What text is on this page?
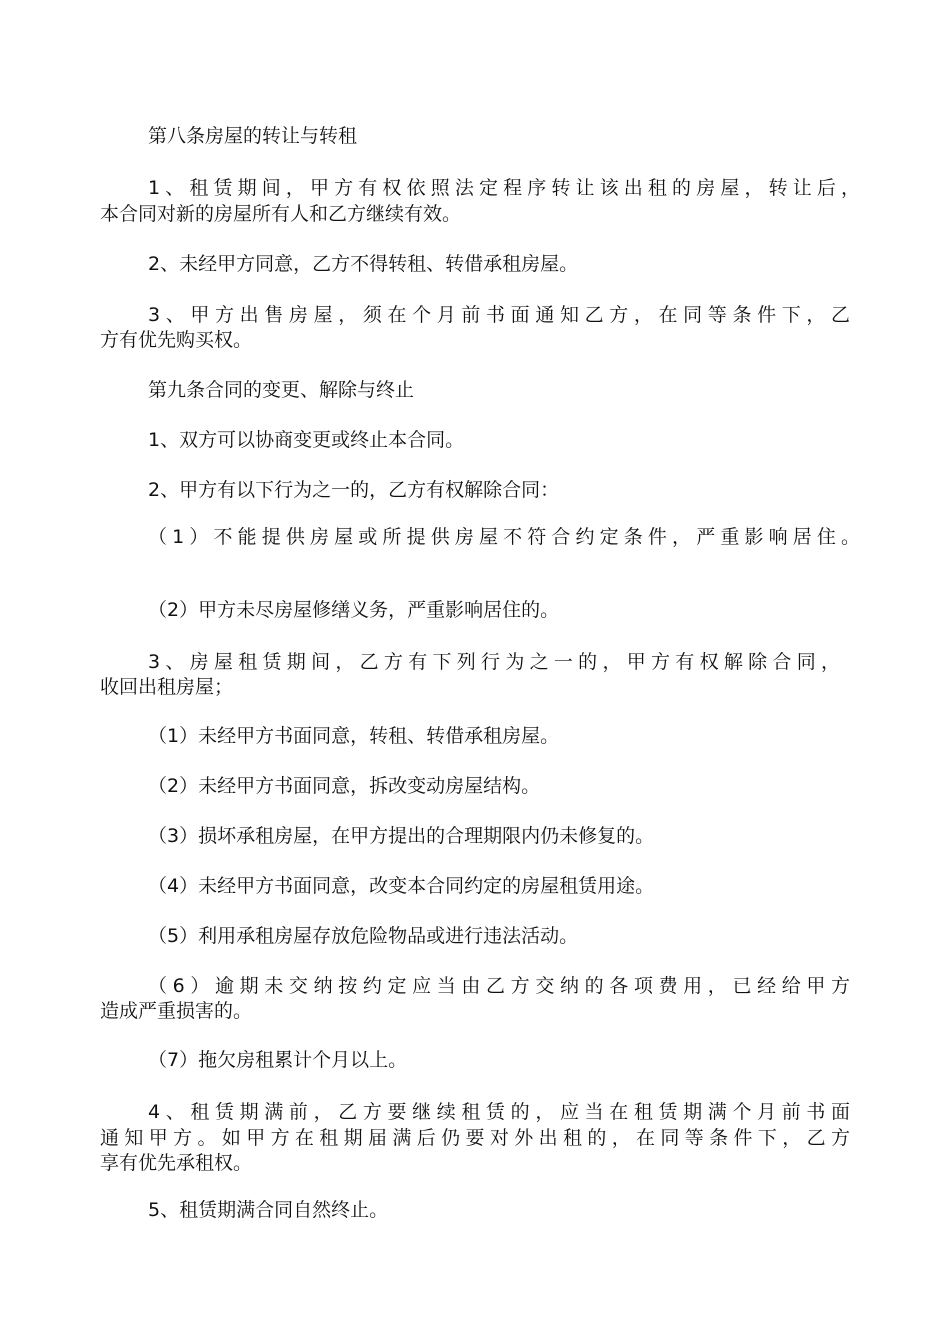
第八条房屋的转让与转租
1、租赁期间，甲方有权依照法定程序转让该出租的房屋，转让后，
本合同对新的房屋所有人和乙方继续有效。
2、未经甲方同意，乙方不得转租、转借承租房屋。
3、甲方出售房屋，须在个月前书面通知乙方，在同等条件下，乙
方有优先购买权。
第九条合同的变更、解除与终止
1、双方可以协商变更或终止本合同。
2、甲方有以下行为之一的，乙方有权解除合同：
（1）不能提供房屋或所提供房屋不符合约定条件，严重影响居住。
（2）甲方未尽房屋修缮义务，严重影响居住的。
3、房屋租赁期间，乙方有下列行为之一的，甲方有权解除合同，
收回出租房屋；
（1）未经甲方书面同意，转租、转借承租房屋。
（2）未经甲方书面同意，拆改变动房屋结构。
（3）损坏承租房屋，在甲方提出的合理期限内仍未修复的。
（4）未经甲方书面同意，改变本合同约定的房屋租赁用途。
（5）利用承租房屋存放危险物品或进行违法活动。
（6）逾期未交纳按约定应当由乙方交纳的各项费用，已经给甲方
造成严重损害的。
（7）拖欠房租累计个月以上。
4、租赁期满前，乙方要继续租赁的，应当在租赁期满个月前书面
通知甲方。如甲方在租期届满后仍要对外出租的，在同等条件下，乙方
享有优先承租权。
5、租赁期满合同自然终止。
